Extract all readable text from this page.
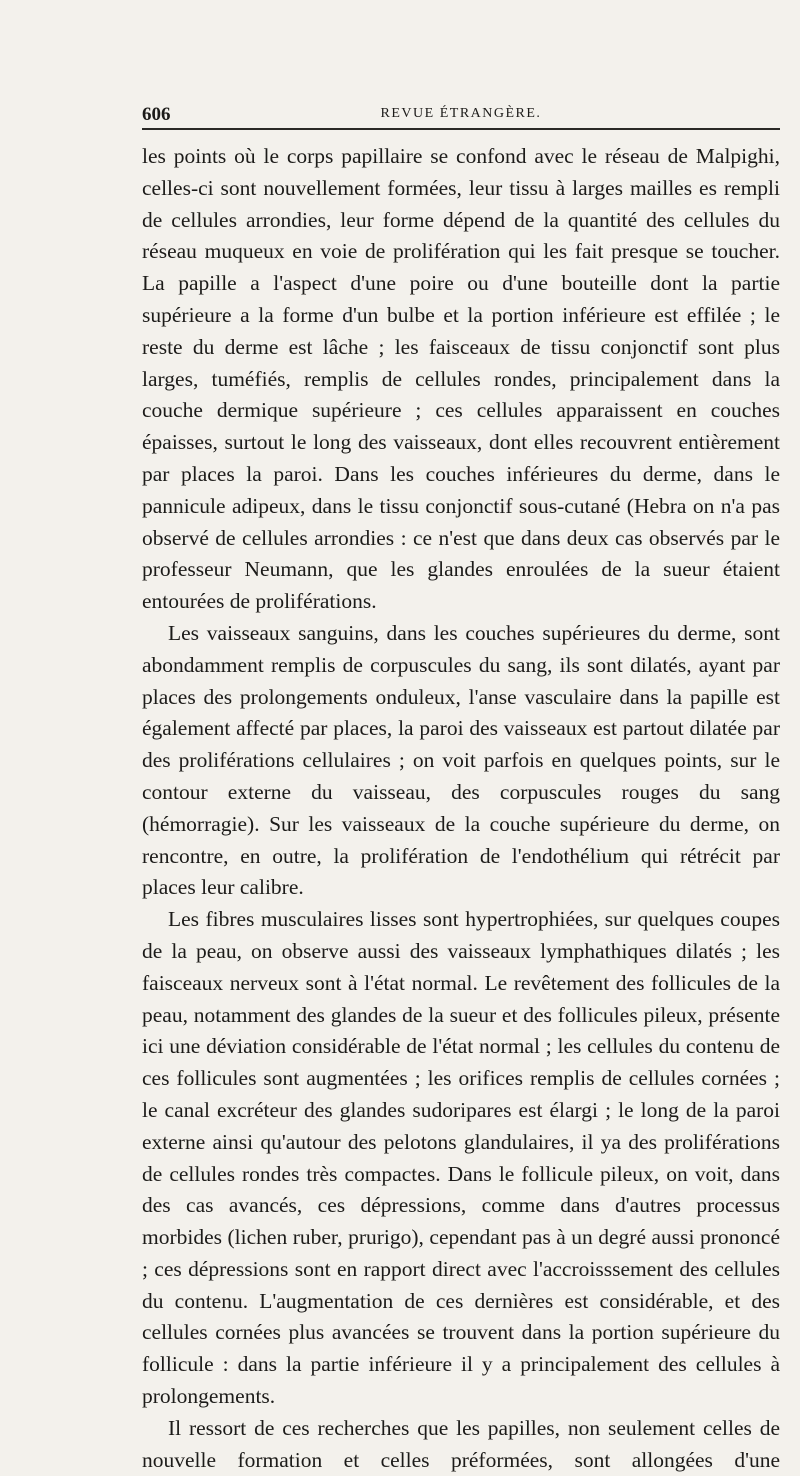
606	REVUE ÉTRANGÈRE.

les points où le corps papillaire se confond avec le réseau de Malpighi, celles-ci sont nouvellement formées, leur tissu à larges mailles es rempli de cellules arrondies, leur forme dépend de la quantité des cellules du réseau muqueux en voie de prolifération qui les fait presque se toucher. La papille a l'aspect d'une poire ou d'une bouteille dont la partie supérieure a la forme d'un bulbe et la portion inférieure est effilée ; le reste du derme est lâche ; les faisceaux de tissu conjonctif sont plus larges, tuméfiés, remplis de cellules rondes, principalement dans la couche dermique supérieure ; ces cellules apparaissent en couches épaisses, surtout le long des vaisseaux, dont elles recouvrent entièrement par places la paroi. Dans les couches inférieures du derme, dans le pannicule adipeux, dans le tissu conjonctif sous-cutané (Hebra on n'a pas observé de cellules arrondies : ce n'est que dans deux cas observés par le professeur Neumann, que les glandes enroulées de la sueur étaient entourées de proliférations.

Les vaisseaux sanguins, dans les couches supérieures du derme, sont abondamment remplis de corpuscules du sang, ils sont dilatés, ayant par places des prolongements onduleux, l'anse vasculaire dans la papille est également affecté par places, la paroi des vaisseaux est partout dilatée par des proliférations cellulaires ; on voit parfois en quelques points, sur le contour externe du vaisseau, des corpuscules rouges du sang (hémorragie). Sur les vaisseaux de la couche supérieure du derme, on rencontre, en outre, la prolifération de l'endothélium qui rétrécit par places leur calibre.

Les fibres musculaires lisses sont hypertrophiées, sur quelques coupes de la peau, on observe aussi des vaisseaux lymphathiques dilatés ; les faisceaux nerveux sont à l'état normal. Le revêtement des follicules de la peau, notamment des glandes de la sueur et des follicules pileux, présente ici une déviation considérable de l'état normal ; les cellules du contenu de ces follicules sont augmentées ; les orifices remplis de cellules cornées ; le canal excréteur des glandes sudoripares est élargi ; le long de la paroi externe ainsi qu'autour des pelotons glandulaires, il ya des proliférations de cellules rondes très compactes. Dans le follicule pileux, on voit, dans des cas avancés, ces dépressions, comme dans d'autres processus morbides (lichen ruber, prurigo), cependant pas à un degré aussi prononcé ; ces dépressions sont en rapport direct avec l'accroisssement des cellules du contenu. L'augmentation de ces dernières est considérable, et des cellules cornées plus avancées se trouvent dans la portion supérieure du follicule : dans la partie inférieure il y a principalement des cellules à prolongements.

Il ressort de ces recherches que les papilles, non seulement celles de nouvelle formation et celles préformées, sont allongées d'une
